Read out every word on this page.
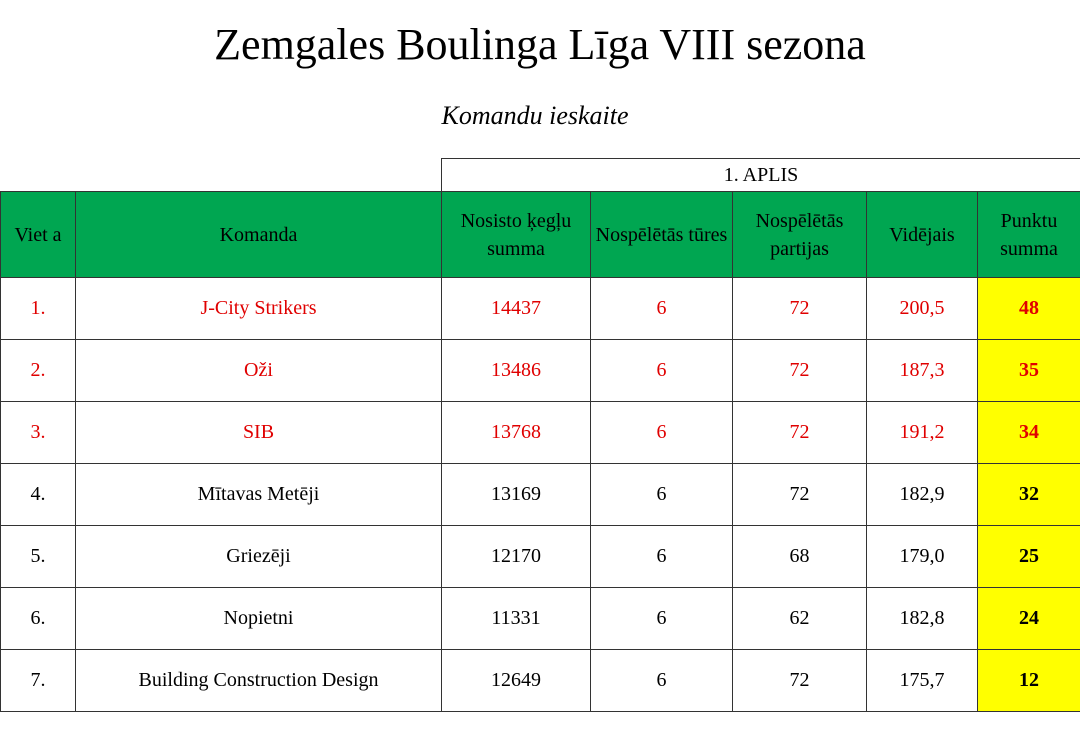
Zemgales Boulinga Līga VIII sezona
Komandu ieskaite
		1. APLIS				
Viet a	Komanda	Nosisto ķegļu summa	Nospēlētās tūres	Nospēlētās partijas	Vidējais	Punktu summa
1.	J-City Strikers	14437	6	72	200,5	48
2.	Oži	13486	6	72	187,3	35
3.	SIB	13768	6	72	191,2	34
4.	Mītavas Metēji	13169	6	72	182,9	32
5.	Griezēji	12170	6	68	179,0	25
6.	Nopietni	11331	6	62	182,8	24
7.	Building Construction Design	12649	6	72	175,7	12
